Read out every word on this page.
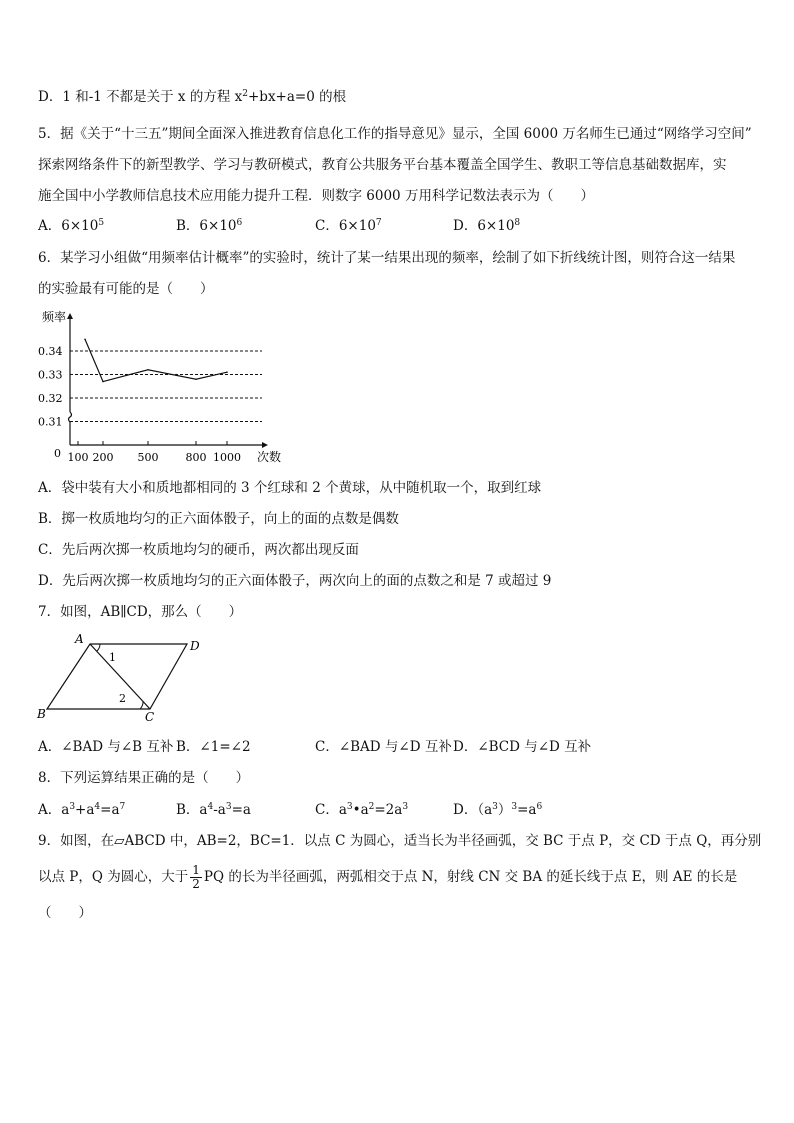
D．1 和-1 不都是关于 x 的方程 $x^2+bx+a=0$ 的根
5．据《关于“十三五”期间全面深入推进教育信息化工作的指导意见》显示，全国 6000 万名师生已通过“网络学习空间”
探索网络条件下的新型教学、学习与教研模式，教育公共服务平台基本覆盖全国学生、教职工等信息基础数据库，实
施全国中小学教师信息技术应用能力提升工程．则数字 6000 万用科学记数法表示为（　　）
A．$6\times 10^5$	B．$6\times 10^6$	C．$6\times 10^7$	D．$6\times 10^8$
6．某学习小组做“用频率估计概率”的实验时，统计了某一结果出现的频率，绘制了如下折线统计图，则符合这一结果
的实验最有可能的是（　　）
频率
0
0.31
0.32
0.33
0.34
100 200 500 800 1000 次数
A．袋中装有大小和质地都相同的 3 个红球和 2 个黄球，从中随机取一个，取到红球
B．掷一枚质地均匀的正六面体骰子，向上的面的点数是偶数
C．先后两次掷一枚质地均匀的硬币，两次都出现反面
D．先后两次掷一枚质地均匀的正六面体骰子，两次向上的面的点数之和是 7 或超过 9
7．如图，AB∥CD，那么（　　）
A	D
B	C
1
2
A．∠BAD 与∠B 互补 B．∠1=∠2	C．∠BAD 与∠D 互补 D．∠BCD 与∠D 互补
8．下列运算结果正确的是（　　）
A．$a^3+a^4=a^7$	B．$a^4-a^3=a$	C．$a^3•a^2=2a^3$	D．$(a^3)^3=a^6$
9．如图，在▱ABCD 中，AB=2，BC=1．以点 C 为圆心，适当长为半径画弧，交 BC 于点 P，交 CD 于点 Q，再分别
以点 P，Q 为圆心，大于 $\frac{1}{2}$ PQ 的长为半径画弧，两弧相交于点 N，射线 CN 交 BA 的延长线于点 E，则 AE 的长是
（　　）
